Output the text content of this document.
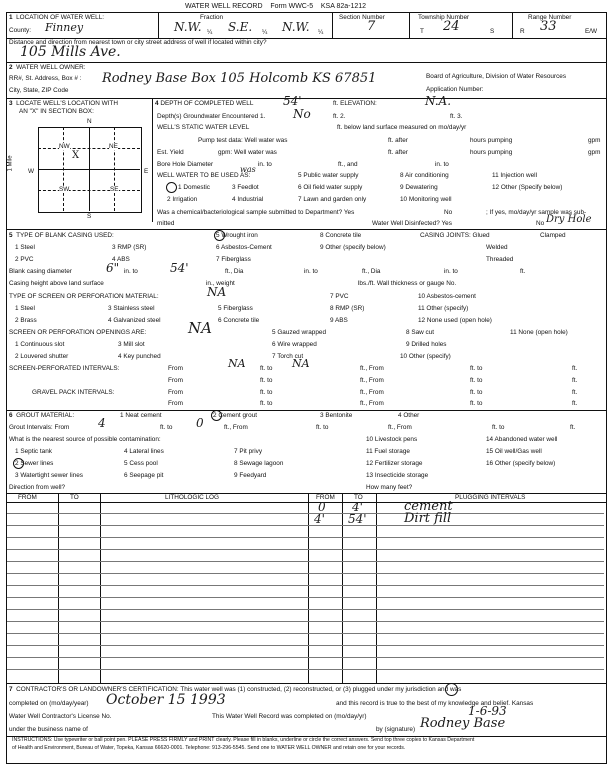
WATER WELL RECORD Form WWC-5 KSA 82a-1212
1 LOCATION OF WATER WELL:	Fraction
County: Finney	N.W. ¼ S.E. ¼ N.W. ¼
Section Number
7
Township Number
T 24	S
Range Number
R 33	E/W
Distance and direction from nearest town or city street address of well if located within city?
105 Mills Ave.
2 WATER WELL OWNER:
RR#, St. Address, Box # :
City, State, ZIP Code
Rodney Base Box 105 Holcomb KS 67851	Board of Agriculture, Division of Water Resources
Application Number:
3 LOCATE WELL'S LOCATION WITH
AN "X" IN SECTION BOX:
N
S
W	E
1 Mile
NW	NE
SW	SE
X
4 DEPTH OF COMPLETED WELL 54'	ft. ELEVATION:	N.A.
Depth(s) Groundwater Encountered 1. No	ft. 2.	ft. 3.
WELL'S STATIC WATER LEVEL	ft. below land surface measured on mo/day/yr
Pump test data: Well water was	ft. after	hours pumping	gpm
Est. Yield	gpm: Well water was	ft. after	hours pumping	gpm
Bore Hole Diameter	in. to	ft., and	in. to
WELL WATER TO BE USED AS:
was
1 Domestic	3 Feedlot	6 Oil field water supply	9 Dewatering	12 Other (Specify below)
2 Irrigation	4 Industrial	7 Lawn and garden only	10 Monitoring well
5 Public water supply	8 Air conditioning	11 Injection well
Was a chemical/bacteriological sample submitted to Department? Yes	No	; If yes, mo/day/yr sample was sub-
mitted	Water Well Disinfected? Yes	No Dry Hole
5 TYPE OF BLANK CASING USED:
1 Steel	3 RMP (SR)
5 Wrought iron	8 Concrete tile
2 PVC	4 ABS
6 Asbestos-Cement	9 Other (specify below)
7 Fiberglass
CASING JOINTS: Glued	Clamped
Welded
Threaded
Blank casing diameter	6" in. to	54'	ft., Dia	in. to	ft., Dia	in. to	ft.
Casing height above land surface	in., weight	lbs./ft. Wall thickness or gauge No.
TYPE OF SCREEN OR PERFORATION MATERIAL:	NA
1 Steel	3 Stainless steel	5 Fiberglass
7 PVC	10 Asbestos-cement
2 Brass	4 Galvanized steel	6 Concrete tile
8 RMP (SR)	11 Other (specify)
9 ABS	12 None used (open hole)
SCREEN OR PERFORATION OPENINGS ARE:	NA
1 Continuous slot	3 Mill slot
5 Gauzed wrapped	8 Saw cut	11 None (open hole)
2 Louvered shutter	4 Key punched
6 Wire wrapped	9 Drilled holes
7 Torch cut	10 Other (specify)
SCREEN-PERFORATED INTERVALS:	From	NA ft. to NA	ft., From	ft. to	ft.
From	ft. to	ft., From	ft. to	ft.
GRAVEL PACK INTERVALS:	From	ft. to	ft., From	ft. to	ft.
From	ft. to	ft., From	ft. to	ft.
6 GROUT MATERIAL:	1 Neat cement	2 Cement grout	3 Bentonite	4 Other
Grout Intervals: From 4	ft. to 0	ft., From	ft. to	ft., From	ft. to	ft.
What is the nearest source of possible contamination:
1 Septic tank	4 Lateral lines	7 Pit privy
10 Livestock pens	14 Abandoned water well
2 Sewer lines	5 Cess pool	8 Sewage lagoon
11 Fuel storage	15 Oil well/Gas well
3 Watertight sewer lines	6 Seepage pit	9 Feedyard
12 Fertilizer storage	16 Other (specify below)
13 Insecticide storage
Direction from well?	How many feet?
FROM	TO	LITHOLOGIC LOG	FROM	TO	PLUGGING INTERVALS
0 4'	cement
4' 54'	Dirt fill
7 CONTRACTOR'S OR LANDOWNER'S CERTIFICATION: This water well was (1) constructed, (2) reconstructed, or (3) plugged under my jurisdiction and was
completed on (mo/day/year) October 15 1993	and this record is true to the best of my knowledge and belief. Kansas
Water Well Contractor's License No.	This Water Well Record was completed on (mo/day/yr)	1-6-93
under the business name of	by (signature) Rodney Base
INSTRUCTIONS: Use typewriter or ball point pen. PLEASE PRESS FIRMLY and PRINT clearly. Please fill in blanks, underline or circle the correct answers. Send top three copies to Kansas Department
of Health and Environment, Bureau of Water, Topeka, Kansas 66620-0001. Telephone: 913-296-5545. Send one to WATER WELL OWNER and retain one for your records.
